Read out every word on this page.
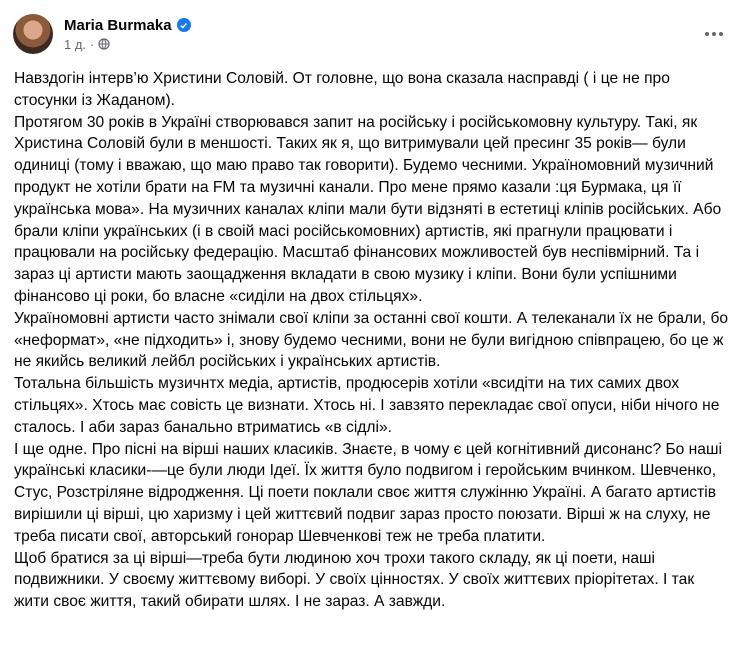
Maria Burmaka
1 д. ·

Навздогін інтерв’ю Христини Соловій. От головне, що вона сказала насправді ( і це не про стосунки із Жаданом).

Протягом 30 років в Україні створювався запит на російську і російськомовну культуру. Такі, як Христина Соловій були в меншості. Таких як я, що витримували цей пресинг 35 років— були одиниці (тому і вважаю, що маю право так говорити). Будемо чесними. Україномовний музичний продукт не хотіли брати на FM та музичні канали. Про мене прямо казали :ця Бурмака, ця її українська мова». На музичних каналах кліпи мали бути відзняті в естетиці кліпів російських. Або брали кліпи українських (і в своій масі російськомовних) артистів, які прагнули працювати і працювали на російську федерацію. Масштаб фінансових можливостей був неспівмірний. Та і зараз ці артисти мають заощадження вкладати в свою музику і кліпи. Вони були успішними фінансово ці роки, бо власне «сиділи на двох стільцях».

Україномовні артисти часто знімали свої кліпи за останні свої кошти. А телеканали їх не брали, бо «неформат», «не підходить» і, знову будемо чесними, вони не були вигідною співпрацею, бо це ж не якийсь великий лейбл російських і українських артистів.

Тотальна більшість музичнтх медіа, артистів, продюсерів хотіли «всидіти на тих самих двох стільцях». Хтось має совість це визнати. Хтось ні. І завзято перекладає свої опуси, ніби нічого не сталось. І аби зараз банально втриматись «в сідлі».

І ще одне. Про пісні на вірші наших класиків. Знаєте, в чому є цей когнітивний дисонанс? Бо наші українські класики-—це були люди Ідеї. Їх життя було подвигом і геройським вчинком. Шевченко, Стус, Розстріляне відродження. Ці поети поклали своє життя служінню Україні. А багато артистів вирішили ці вірші, цю харизму і цей життєвий подвиг зараз просто поюзати. Вірші ж на слуху, не треба писати свої, авторський гонорар Шевченкові теж не треба платити.

Щоб братися за ці вірші—треба бути людиною хоч трохи такого складу, як ці поети, наші подвижники. У своєму життєвому виборі. У своїх цінностях. У своїх життєвих пріорітетах. І так жити своє життя, такий обирати шлях. І не зараз. А завжди.
